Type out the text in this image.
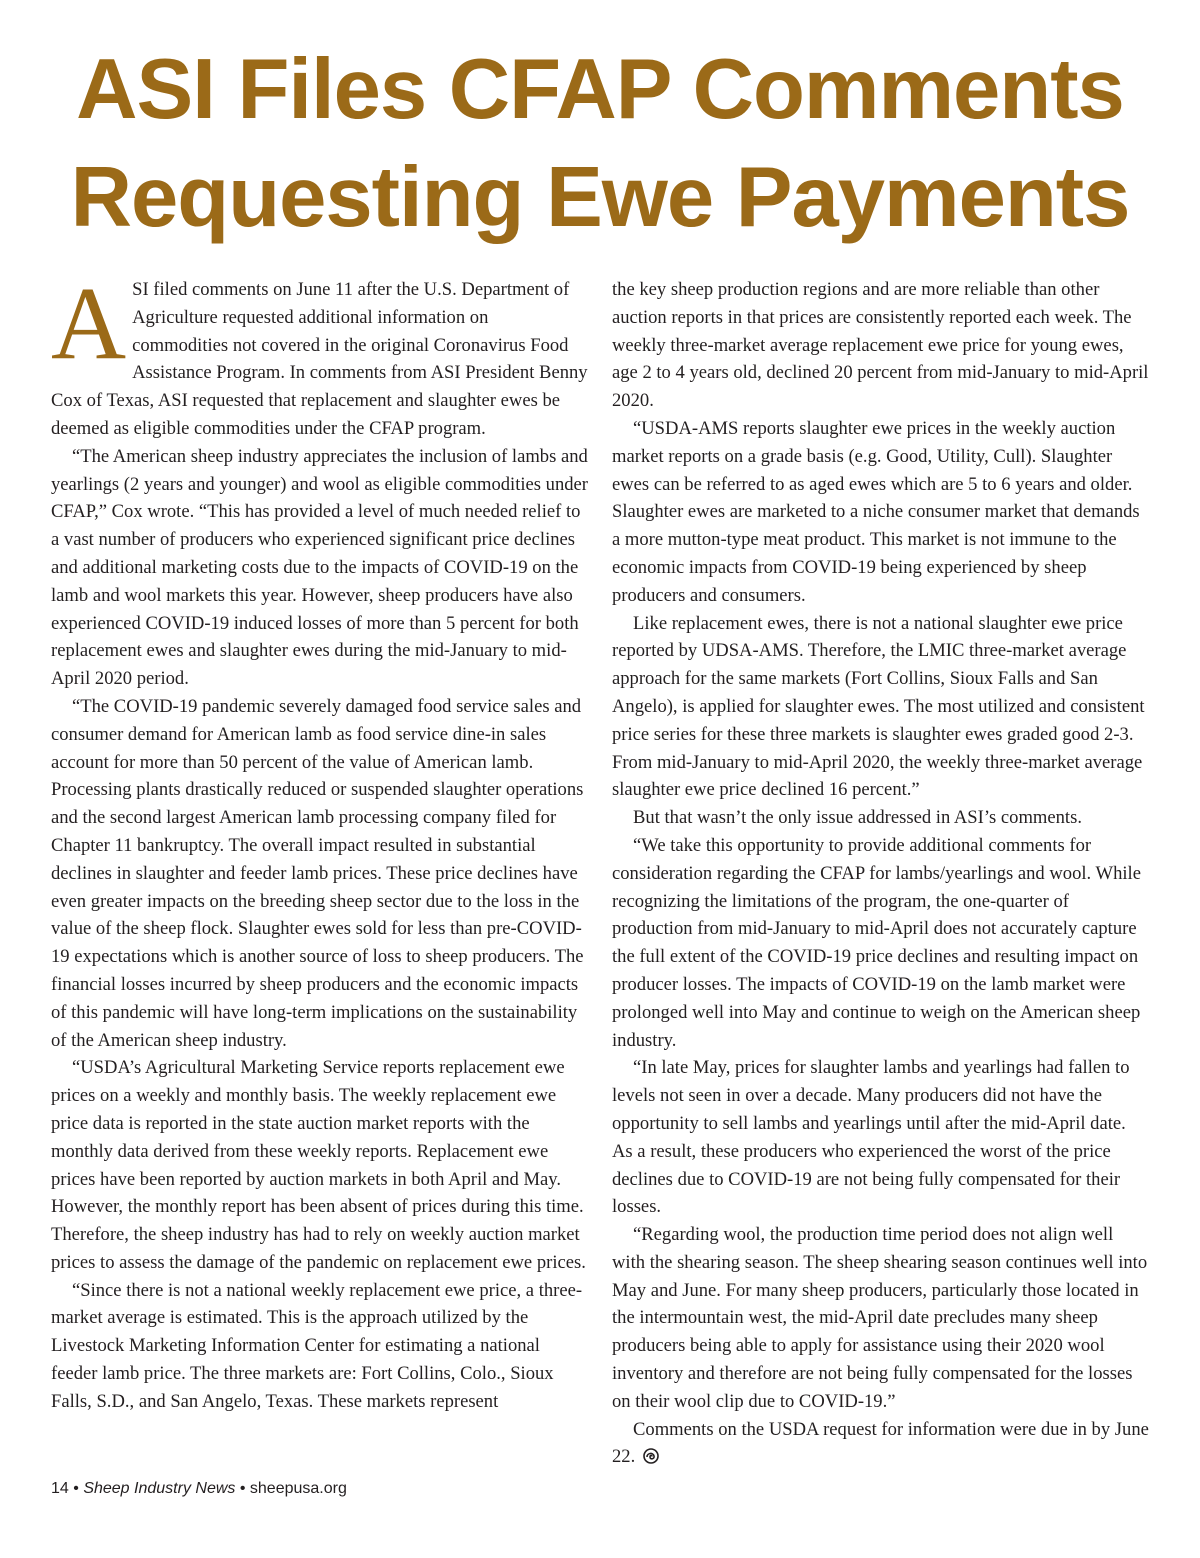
ASI Files CFAP Comments
Requesting Ewe Payments

ASI filed comments on June 11 after the U.S. Department of Agriculture requested additional information on commodities not covered in the original Coronavirus Food Assistance Program. In comments from ASI President Benny Cox of Texas, ASI requested that replacement and slaughter ewes be deemed as eligible commodities under the CFAP program.

“The American sheep industry appreciates the inclusion of lambs and yearlings (2 years and younger) and wool as eligible commodities under CFAP,” Cox wrote. “This has provided a level of much needed relief to a vast number of producers who experienced significant price declines and additional marketing costs due to the impacts of COVID-19 on the lamb and wool markets this year. However, sheep producers have also experienced COVID-19 induced losses of more than 5 percent for both replacement ewes and slaughter ewes during the mid-January to mid-April 2020 period.

“The COVID-19 pandemic severely damaged food service sales and consumer demand for American lamb as food service dine-in sales account for more than 50 percent of the value of American lamb. Processing plants drastically reduced or suspended slaughter operations and the second largest American lamb processing company filed for Chapter 11 bankruptcy. The overall impact resulted in substantial declines in slaughter and feeder lamb prices. These price declines have even greater impacts on the breeding sheep sector due to the loss in the value of the sheep flock. Slaughter ewes sold for less than pre-COVID-19 expectations which is another source of loss to sheep producers. The financial losses incurred by sheep producers and the economic impacts of this pandemic will have long-term implications on the sustainability of the American sheep industry.

“USDA’s Agricultural Marketing Service reports replacement ewe prices on a weekly and monthly basis. The weekly replacement ewe price data is reported in the state auction market reports with the monthly data derived from these weekly reports. Replacement ewe prices have been reported by auction markets in both April and May. However, the monthly report has been absent of prices during this time. Therefore, the sheep industry has had to rely on weekly auction market prices to assess the damage of the pandemic on replacement ewe prices.

“Since there is not a national weekly replacement ewe price, a three-market average is estimated. This is the approach utilized by the Livestock Marketing Information Center for estimating a national feeder lamb price. The three markets are: Fort Collins, Colo., Sioux Falls, S.D., and San Angelo, Texas. These markets represent

the key sheep production regions and are more reliable than other auction reports in that prices are consistently reported each week. The weekly three-market average replacement ewe price for young ewes, age 2 to 4 years old, declined 20 percent from mid-January to mid-April 2020.

“USDA-AMS reports slaughter ewe prices in the weekly auction market reports on a grade basis (e.g. Good, Utility, Cull). Slaughter ewes can be referred to as aged ewes which are 5 to 6 years and older. Slaughter ewes are marketed to a niche consumer market that demands a more mutton-type meat product. This market is not immune to the economic impacts from COVID-19 being experienced by sheep producers and consumers.

Like replacement ewes, there is not a national slaughter ewe price reported by UDSA-AMS. Therefore, the LMIC three-market average approach for the same markets (Fort Collins, Sioux Falls and San Angelo), is applied for slaughter ewes. The most utilized and consistent price series for these three markets is slaughter ewes graded good 2-3. From mid-January to mid-April 2020, the weekly three-market average slaughter ewe price declined 16 percent.”

But that wasn’t the only issue addressed in ASI’s comments.

“We take this opportunity to provide additional comments for consideration regarding the CFAP for lambs/yearlings and wool. While recognizing the limitations of the program, the one-quarter of production from mid-January to mid-April does not accurately capture the full extent of the COVID-19 price declines and resulting impact on producer losses. The impacts of COVID-19 on the lamb market were prolonged well into May and continue to weigh on the American sheep industry.

“In late May, prices for slaughter lambs and yearlings had fallen to levels not seen in over a decade. Many producers did not have the opportunity to sell lambs and yearlings until after the mid-April date. As a result, these producers who experienced the worst of the price declines due to COVID-19 are not being fully compensated for their losses.

“Regarding wool, the production time period does not align well with the shearing season. The sheep shearing season continues well into May and June. For many sheep producers, particularly those located in the intermountain west, the mid-April date precludes many sheep producers being able to apply for assistance using their 2020 wool inventory and therefore are not being fully compensated for the losses on their wool clip due to COVID-19.”

Comments on the USDA request for information were due in by June 22.

14 • Sheep Industry News • sheepusa.org
